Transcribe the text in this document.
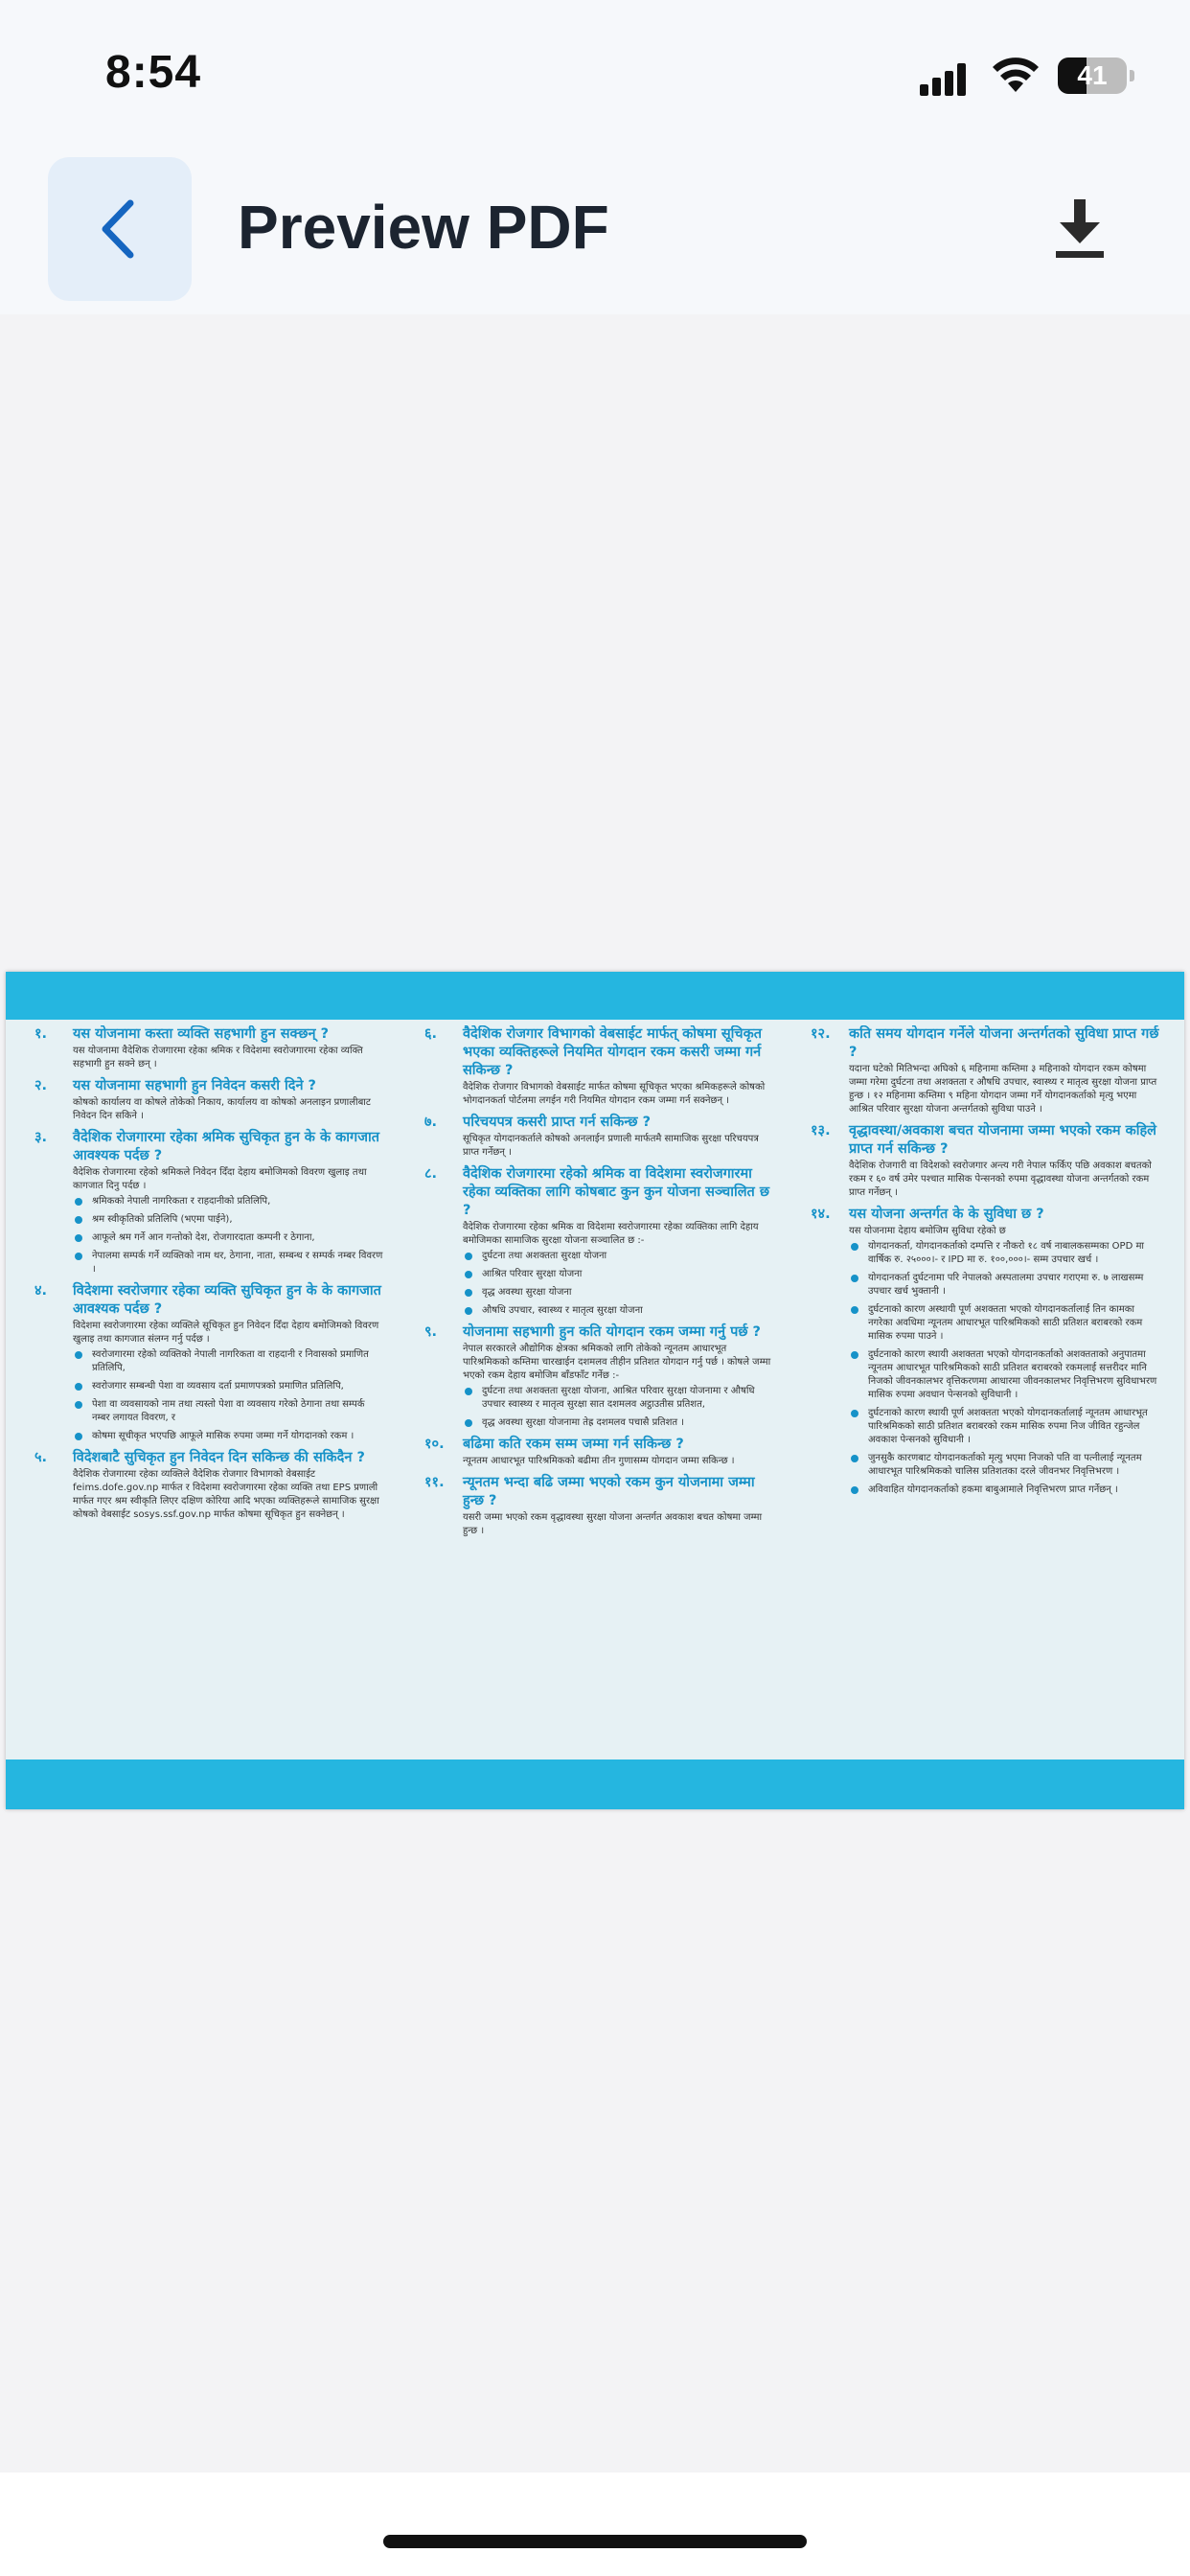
8:54	41
Preview PDF
१.	यस योजनामा कस्ता व्यक्ति सहभागी हुन सक्छन् ?

यस योजनामा वैदेशिक रोजगारमा रहेका श्रमिक र विदेशमा स्वरोजगारमा रहेका व्यक्ति सहभागी हुन सक्ने छन् ।

२.	यस योजनामा सहभागी हुन निवेदन कसरी दिने ?

कोषको कार्यालय वा कोषले तोकेको निकाय, कार्यालय वा कोषको अनलाइन प्रणालीबाट निवेदन दिन सकिने ।

३.	वैदेशिक रोजगारमा रहेका श्रमिक सुचिकृत हुन के के कागजात आवश्यक पर्दछ ?

वैदेशिक रोजगारमा रहेको श्रमिकले निवेदन दिँदा देहाय बमोजिमको विवरण खुलाइ तथा कागजात दिनु पर्दछ ।

श्रमिकको नेपाली नागरिकता र राहदानीको प्रतिलिपि,
श्रम स्वीकृतिको प्रतिलिपि (भएमा पाईने),
आफूले श्रम गर्ने आन गन्तोको देश, रोजगारदाता कम्पनी र ठेगाना,
नेपालमा सम्पर्क गर्ने व्यक्तिको नाम थर, ठेगाना, नाता, सम्बन्ध र सम्पर्क नम्बर विवरण ।
४.	विदेशमा स्वरोजगार रहेका व्यक्ति सुचिकृत हुन के के कागजात आवश्यक पर्दछ ?

विदेशमा स्वरोजगारमा रहेका व्यक्तिले सूचिकृत हुन निवेदन दिँदा देहाय बमोजिमको विवरण खुलाइ तथा कागजात संलग्न गर्नु पर्दछ ।

स्वरोजगारमा रहेको व्यक्तिको नेपाली नागरिकता वा राहदानी र निवासको प्रमाणित प्रतिलिपि,
स्वरोजगार सम्बन्धी पेशा वा व्यवसाय दर्ता प्रमाणपत्रको प्रमाणित प्रतिलिपि,
पेशा वा व्यवसायको नाम तथा त्यस्तो पेशा वा व्यवसाय गरेको ठेगाना तथा सम्पर्क नम्बर लगायत विवरण, र
कोषमा सूचीकृत भएपछि आफूले मासिक रुपमा जम्मा गर्ने योगदानको रकम ।
५.	विदेशबाटै सुचिकृत हुन निवेदन दिन सकिन्छ की सकिदैन ?

वैदेशिक रोजगारमा रहेका व्यक्तिले वैदेशिक रोजगार विभागको वेबसाईट feims.dofe.gov.np मार्फत र विदेशमा स्वरोजगारमा रहेका व्यक्ति तथा EPS प्रणाली मार्फत गएर श्रम स्वीकृति लिएर दक्षिण कोरिया आदि भएका व्यक्तिहरूले सामाजिक सुरक्षा कोषको वेबसाईट sosys.ssf.gov.np मार्फत कोषमा सूचिकृत हुन सक्नेछन् ।

६.	वैदेशिक रोजगार विभागको वेबसाईट मार्फत् कोषमा सूचिकृत भएका व्यक्तिहरूले नियमित योगदान रकम कसरी जम्मा गर्न सकिन्छ ?

वैदेशिक रोजगार विभागको वेबसाईट मार्फत कोषमा सूचिकृत भएका श्रमिकहरूले कोषको भोगदानकर्ता पोर्टलमा लगईन गरी नियमित योगदान रकम जम्मा गर्न सक्नेछन् ।

७.	परिचयपत्र कसरी प्राप्त गर्न सकिन्छ ?

सूचिकृत योगदानकर्ताले कोषको अनलाईन प्रणाली मार्फतमै सामाजिक सुरक्षा परिचयपत्र प्राप्त गर्नेछन् ।

८.	वैदेशिक रोजगारमा रहेको श्रमिक वा विदेशमा स्वरोजगारमा रहेका व्यक्तिका लागि कोषबाट कुन कुन योजना सञ्चालित छ ?

वैदेशिक रोजगारमा रहेका श्रमिक वा विदेशमा स्वरोजगारमा रहेका व्यक्तिका लागि देहाय बमोजिमका सामाजिक सुरक्षा योजना सञ्चालित छ :-

दुर्घटना तथा अशक्तता सुरक्षा योजना
आश्रित परिवार सुरक्षा योजना
वृद्ध अवस्था सुरक्षा योजना
औषधि उपचार, स्वास्थ्य र मातृत्व सुरक्षा योजना
९.	योजनामा सहभागी हुन कति योगदान रकम जम्मा गर्नु पर्छ ?

नेपाल सरकारले औद्योगिक क्षेत्रका श्रमिकको लागि तोकेको न्यूनतम आधारभूत पारिश्रमिकको कम्तिमा चारखाईन दशमलव तीहीन प्रतिशत योगदान गर्नु पर्छ । कोषले जम्मा भएको रकम देहाय बमोजिम बाँडफाँट गर्नेछ :-

दुर्घटना तथा अशक्तता सुरक्षा योजना, आश्रित परिवार सुरक्षा योजनामा र औषधि उपचार स्वास्थ्य र मातृत्व सुरक्षा सात दशमलव अट्ठाउतीस प्रतिशत,
वृद्ध अवस्था सुरक्षा योजनामा तेह्र दशमलव पचासै प्रतिशत ।
१०.	बढिमा कति रकम सम्म जम्मा गर्न सकिन्छ ?

न्यूनतम आधारभूत पारिश्रमिकको बढीमा तीन गुणासम्म योगदान जम्मा सकिन्छ ।

११.	न्यूनतम भन्दा बढि जम्मा भएको रकम कुन योजनामा जम्मा हुन्छ ?

यसरी जम्मा भएको रकम वृद्धावस्था सुरक्षा योजना अन्तर्गत अवकाश बचत कोषमा जम्मा हुन्छ ।

१२.	कति समय योगदान गर्नेले योजना अन्तर्गतको सुविधा प्राप्त गर्छ ?

यदाना घटेको मिति‍भन्दा अघिको ६ महिनामा कम्तिमा ३ महिनाको योगदान रकम कोषमा जम्मा गरेमा दुर्घटना तथा अशक्तता र औषधि उपचार, स्वास्थ्य र मातृत्व सुरक्षा योजना प्राप्त हुन्छ । १२ महिनामा कम्तिमा ९ महिना योगदान जम्मा गर्ने योगदानकर्ताको मृत्यु भएमा आश्रित परिवार सुरक्षा योजना अन्तर्गतको सुविधा पाउने ।

१३.	वृद्धावस्था/अवकाश बचत योजनामा जम्मा भएको रकम कहिले प्राप्त गर्न सकिन्छ ?

वैदेशिक रोजगारी वा विदेशको स्वरोजगार अन्त्य गरी नेपाल फर्किए पछि अवकाश बचतको रकम र ६० वर्ष उमेर पश्चात मासिक पेन्सनको रुपमा वृद्धावस्था योजना अन्तर्गतको रकम प्राप्त गर्नेछन् ।

१४.	यस योजना अन्तर्गत के के सुविधा छ ?

यस योजनामा देहाय बमोजिम सुविधा रहेको छ

योगदानकर्ता, योगदानकर्ताको दम्पत्ति र नौकरो १८ वर्ष नाबालकसम्मका OPD मा वार्षिक रु. २५०००।- र IPD मा रु. १००,०००।- सम्म उपचार खर्च ।
योगदानकर्ता दुर्घटनामा परि नेपालको अस्पतालमा उपचार गराएमा रु. ७ लाखसम्म उपचार खर्च भुक्तानी ।
दुर्घटनाको कारण अस्थायी पूर्ण अशक्तता भएको योगदानकर्तालाई तिन कामका नगरेका अवधिमा न्यूनतम आधारभूत पारिश्रमिकको साठी प्रतिशत बराबरको रकम मासिक रुपमा पाउने ।
दुर्घटनाको कारण स्थायी अशक्तता भएको योगदानकर्ताको अशक्तताको अनुपातमा न्यूनतम आधारभूत पारिश्रमिकको साठी प्रतिशत बराबरको रकमलाई सत्तरीदर मानि निजको जीवनकालभर वृत्तिकरणमा आधारमा जीवनकालभर निवृत्तिभरण सुविधाभरण मासिक रुपमा अवधान पेन्सनको सुविधानी ।
दुर्घटनाको कारण स्थायी पूर्ण अशक्तता भएको योगदानकर्तालाई न्यूनतम आधारभूत पारिश्रमिकको साठी प्रतिशत बराबरको रकम मासिक रुपमा निज जीवित रहुन्जेल अवकाश पेन्सनको सुविधानी ।
जुनसुकै कारणबाट योगदानकर्ताको मृत्यु भएमा निजको पति वा पत्नीलाई न्यूनतम आधारभूत पारिश्रमिकको चालिस प्रतिशतका दरले जीवनभर निवृत्तिभरण ।
अविवाहित योगदानकर्ताको हकमा बाबुआमाले निवृत्तिभरण प्राप्त गर्नेछन् ।
